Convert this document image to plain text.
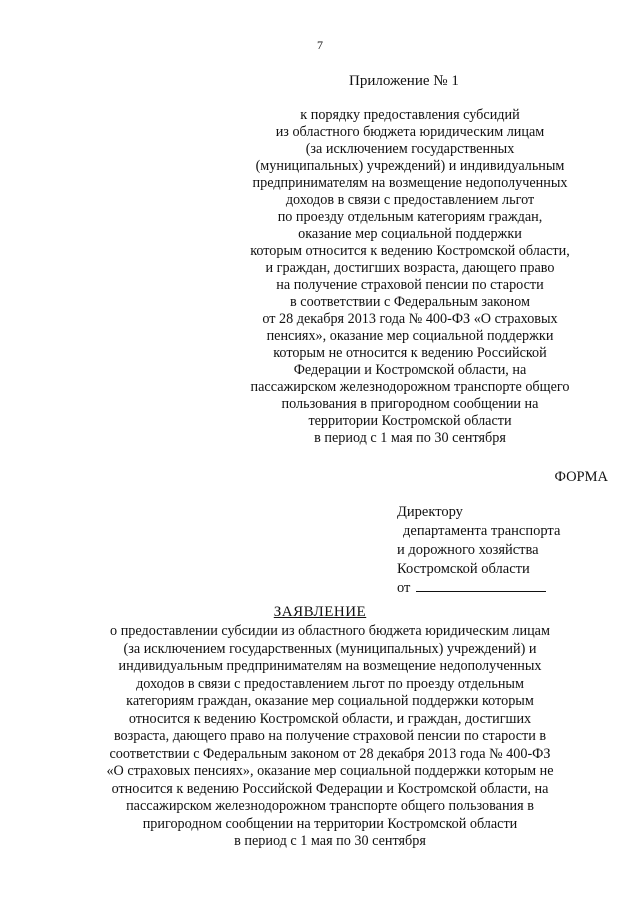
7
Приложение № 1
к порядку предоставления субсидий
из областного бюджета юридическим лицам
(за исключением государственных
(муниципальных) учреждений) и индивидуальным
предпринимателям на возмещение недополученных
доходов в связи с предоставлением льгот
по проезду отдельным категориям граждан,
оказание мер социальной поддержки
которым относится к ведению Костромской области,
и граждан, достигших возраста, дающего право
на получение страховой пенсии по старости
в соответствии с Федеральным законом
от 28 декабря 2013 года № 400-ФЗ «О страховых
пенсиях», оказание мер социальной поддержки
которым не относится к ведению Российской
Федерации и Костромской области, на
пассажирском железнодорожном транспорте общего
пользования в пригородном сообщении на
территории Костромской области
в период с 1 мая по 30 сентября
ФОРМА
Директору
департамента транспорта
и дорожного хозяйства
Костромской области
от
ЗАЯВЛЕНИЕ
о предоставлении субсидии из областного бюджета юридическим лицам
(за исключением государственных (муниципальных) учреждений) и
индивидуальным предпринимателям на возмещение недополученных
доходов в связи с предоставлением льгот по проезду отдельным
категориям граждан, оказание мер социальной поддержки которым
относится к ведению Костромской области, и граждан, достигших
возраста, дающего право на получение страховой пенсии по старости в
соответствии с Федеральным законом от 28 декабря 2013 года № 400-ФЗ
«О страховых пенсиях», оказание мер социальной поддержки которым не
относится к ведению Российской Федерации и Костромской области, на
пассажирском железнодорожном транспорте общего пользования в
пригородном сообщении на территории Костромской области
в период с 1 мая по 30 сентября
